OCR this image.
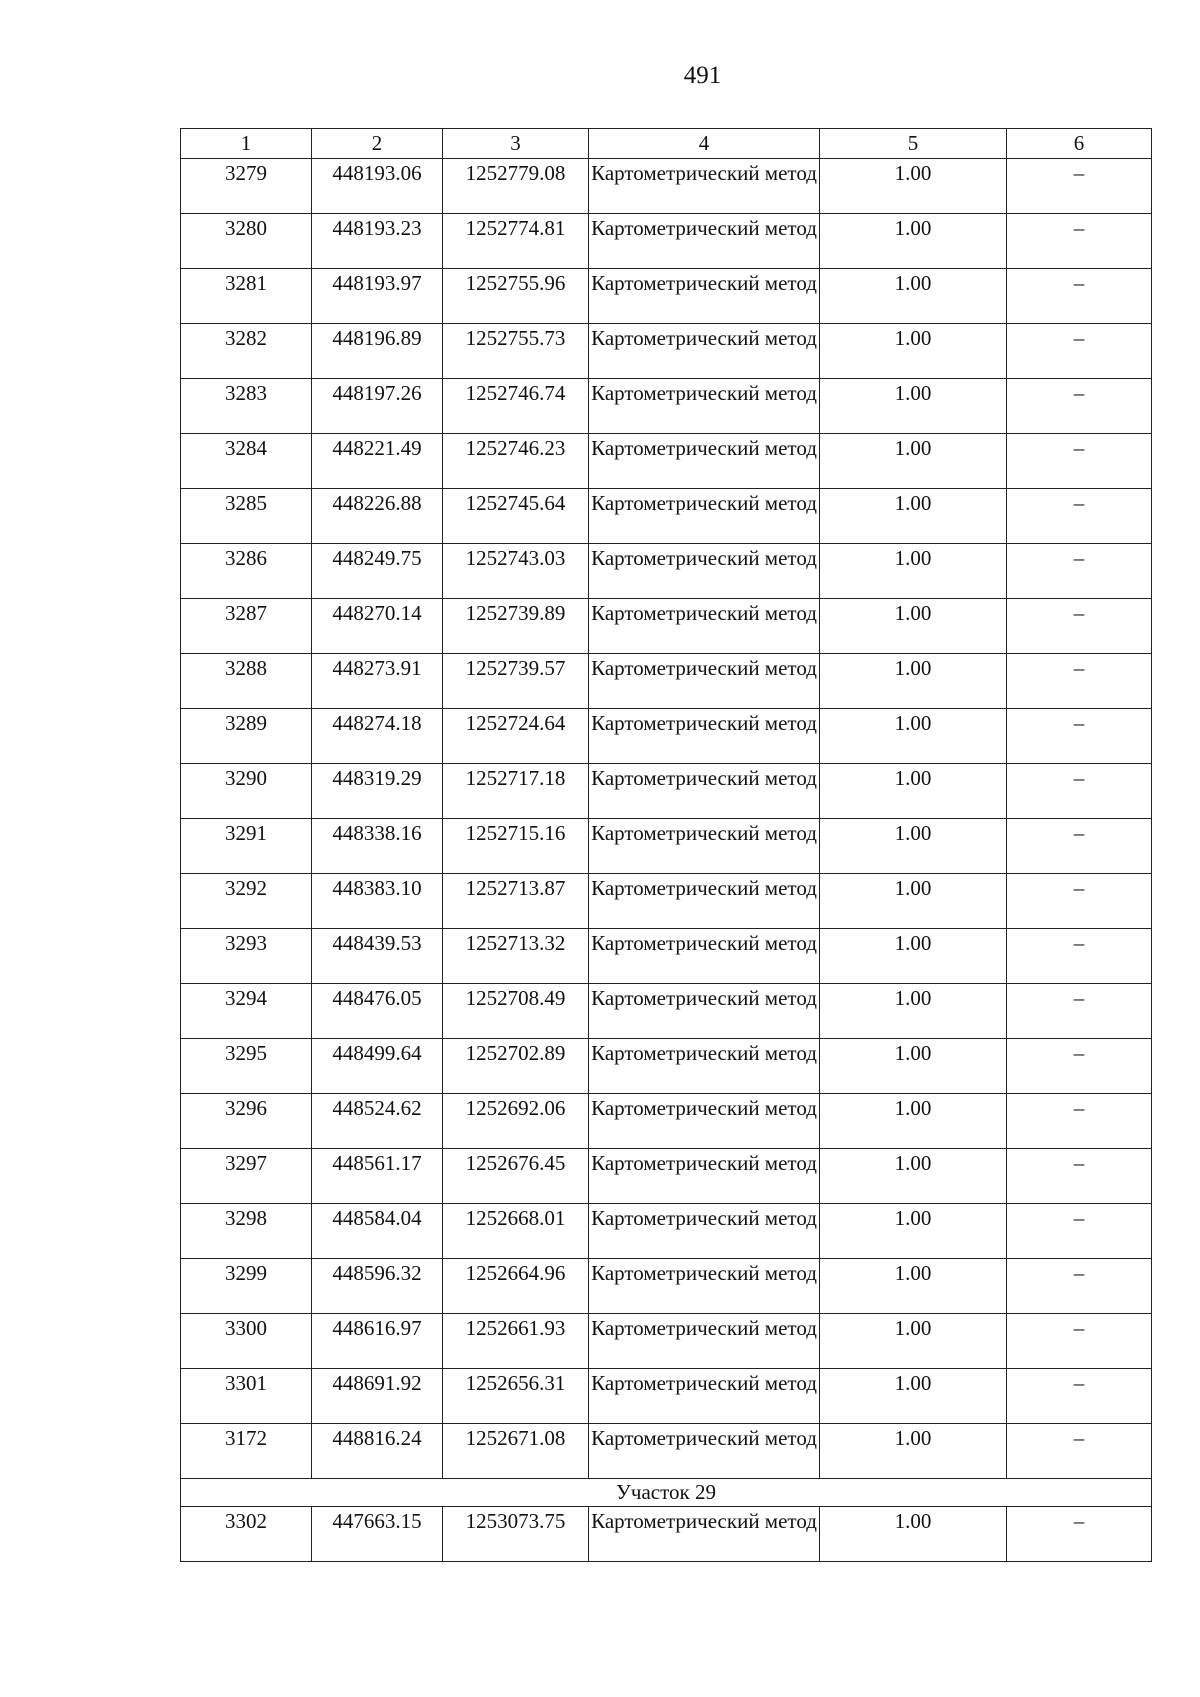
491
1	2	3	4	5	6
3279	448193.06	1252779.08	Картометрический метод	1.00	–
3280	448193.23	1252774.81	Картометрический метод	1.00	–
3281	448193.97	1252755.96	Картометрический метод	1.00	–
3282	448196.89	1252755.73	Картометрический метод	1.00	–
3283	448197.26	1252746.74	Картометрический метод	1.00	–
3284	448221.49	1252746.23	Картометрический метод	1.00	–
3285	448226.88	1252745.64	Картометрический метод	1.00	–
3286	448249.75	1252743.03	Картометрический метод	1.00	–
3287	448270.14	1252739.89	Картометрический метод	1.00	–
3288	448273.91	1252739.57	Картометрический метод	1.00	–
3289	448274.18	1252724.64	Картометрический метод	1.00	–
3290	448319.29	1252717.18	Картометрический метод	1.00	–
3291	448338.16	1252715.16	Картометрический метод	1.00	–
3292	448383.10	1252713.87	Картометрический метод	1.00	–
3293	448439.53	1252713.32	Картометрический метод	1.00	–
3294	448476.05	1252708.49	Картометрический метод	1.00	–
3295	448499.64	1252702.89	Картометрический метод	1.00	–
3296	448524.62	1252692.06	Картометрический метод	1.00	–
3297	448561.17	1252676.45	Картометрический метод	1.00	–
3298	448584.04	1252668.01	Картометрический метод	1.00	–
3299	448596.32	1252664.96	Картометрический метод	1.00	–
3300	448616.97	1252661.93	Картометрический метод	1.00	–
3301	448691.92	1252656.31	Картометрический метод	1.00	–
3172	448816.24	1252671.08	Картометрический метод	1.00	–
Участок 29					
3302	447663.15	1253073.75	Картометрический метод	1.00	–
